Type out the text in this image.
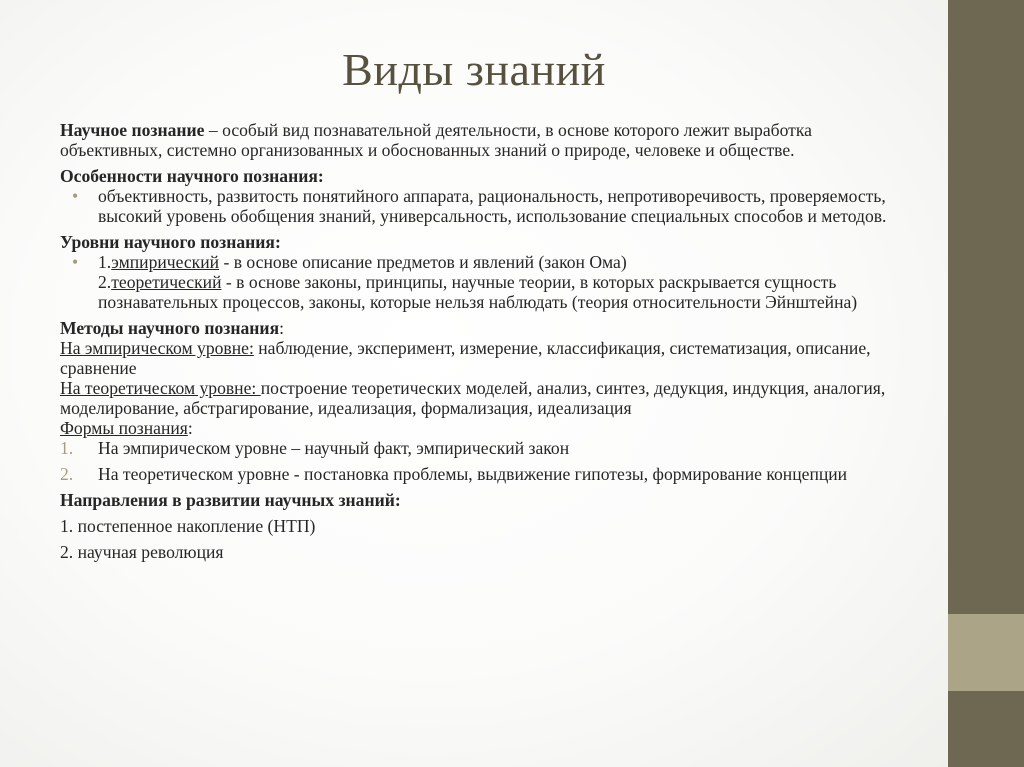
Виды знаний

Научное познание – особый вид познавательной деятельности, в основе которого лежит выработка объективных, системно организованных и обоснованных знаний о природе, человеке и обществе.

Особенности научного познания:

• объективность, развитость понятийного аппарата, рациональность, непротиворечивость, проверяемость, высокий уровень обобщения знаний, универсальность, использование специальных способов и методов.

Уровни научного познания:

• 1.эмпирический - в основе описание предметов и явлений (закон Ома)
2.теоретический - в основе законы, принципы, научные теории, в которых раскрывается сущность познавательных процессов, законы, которые нельзя наблюдать (теория относительности Эйнштейна)

Методы научного познания:

На эмпирическом уровне: наблюдение, эксперимент, измерение, классификация, систематизация, описание, сравнение

На теоретическом уровне: построение теоретических моделей, анализ, синтез, дедукция, индукция, аналогия, моделирование, абстрагирование, идеализация, формализация, идеализация

Формы познания:

1. На эмпирическом уровне – научный факт, эмпирический закон
2. На теоретическом уровне - постановка проблемы, выдвижение гипотезы, формирование концепции

Направления в развитии научных знаний:

1. постепенное накопление (НТП)

2. научная революция
